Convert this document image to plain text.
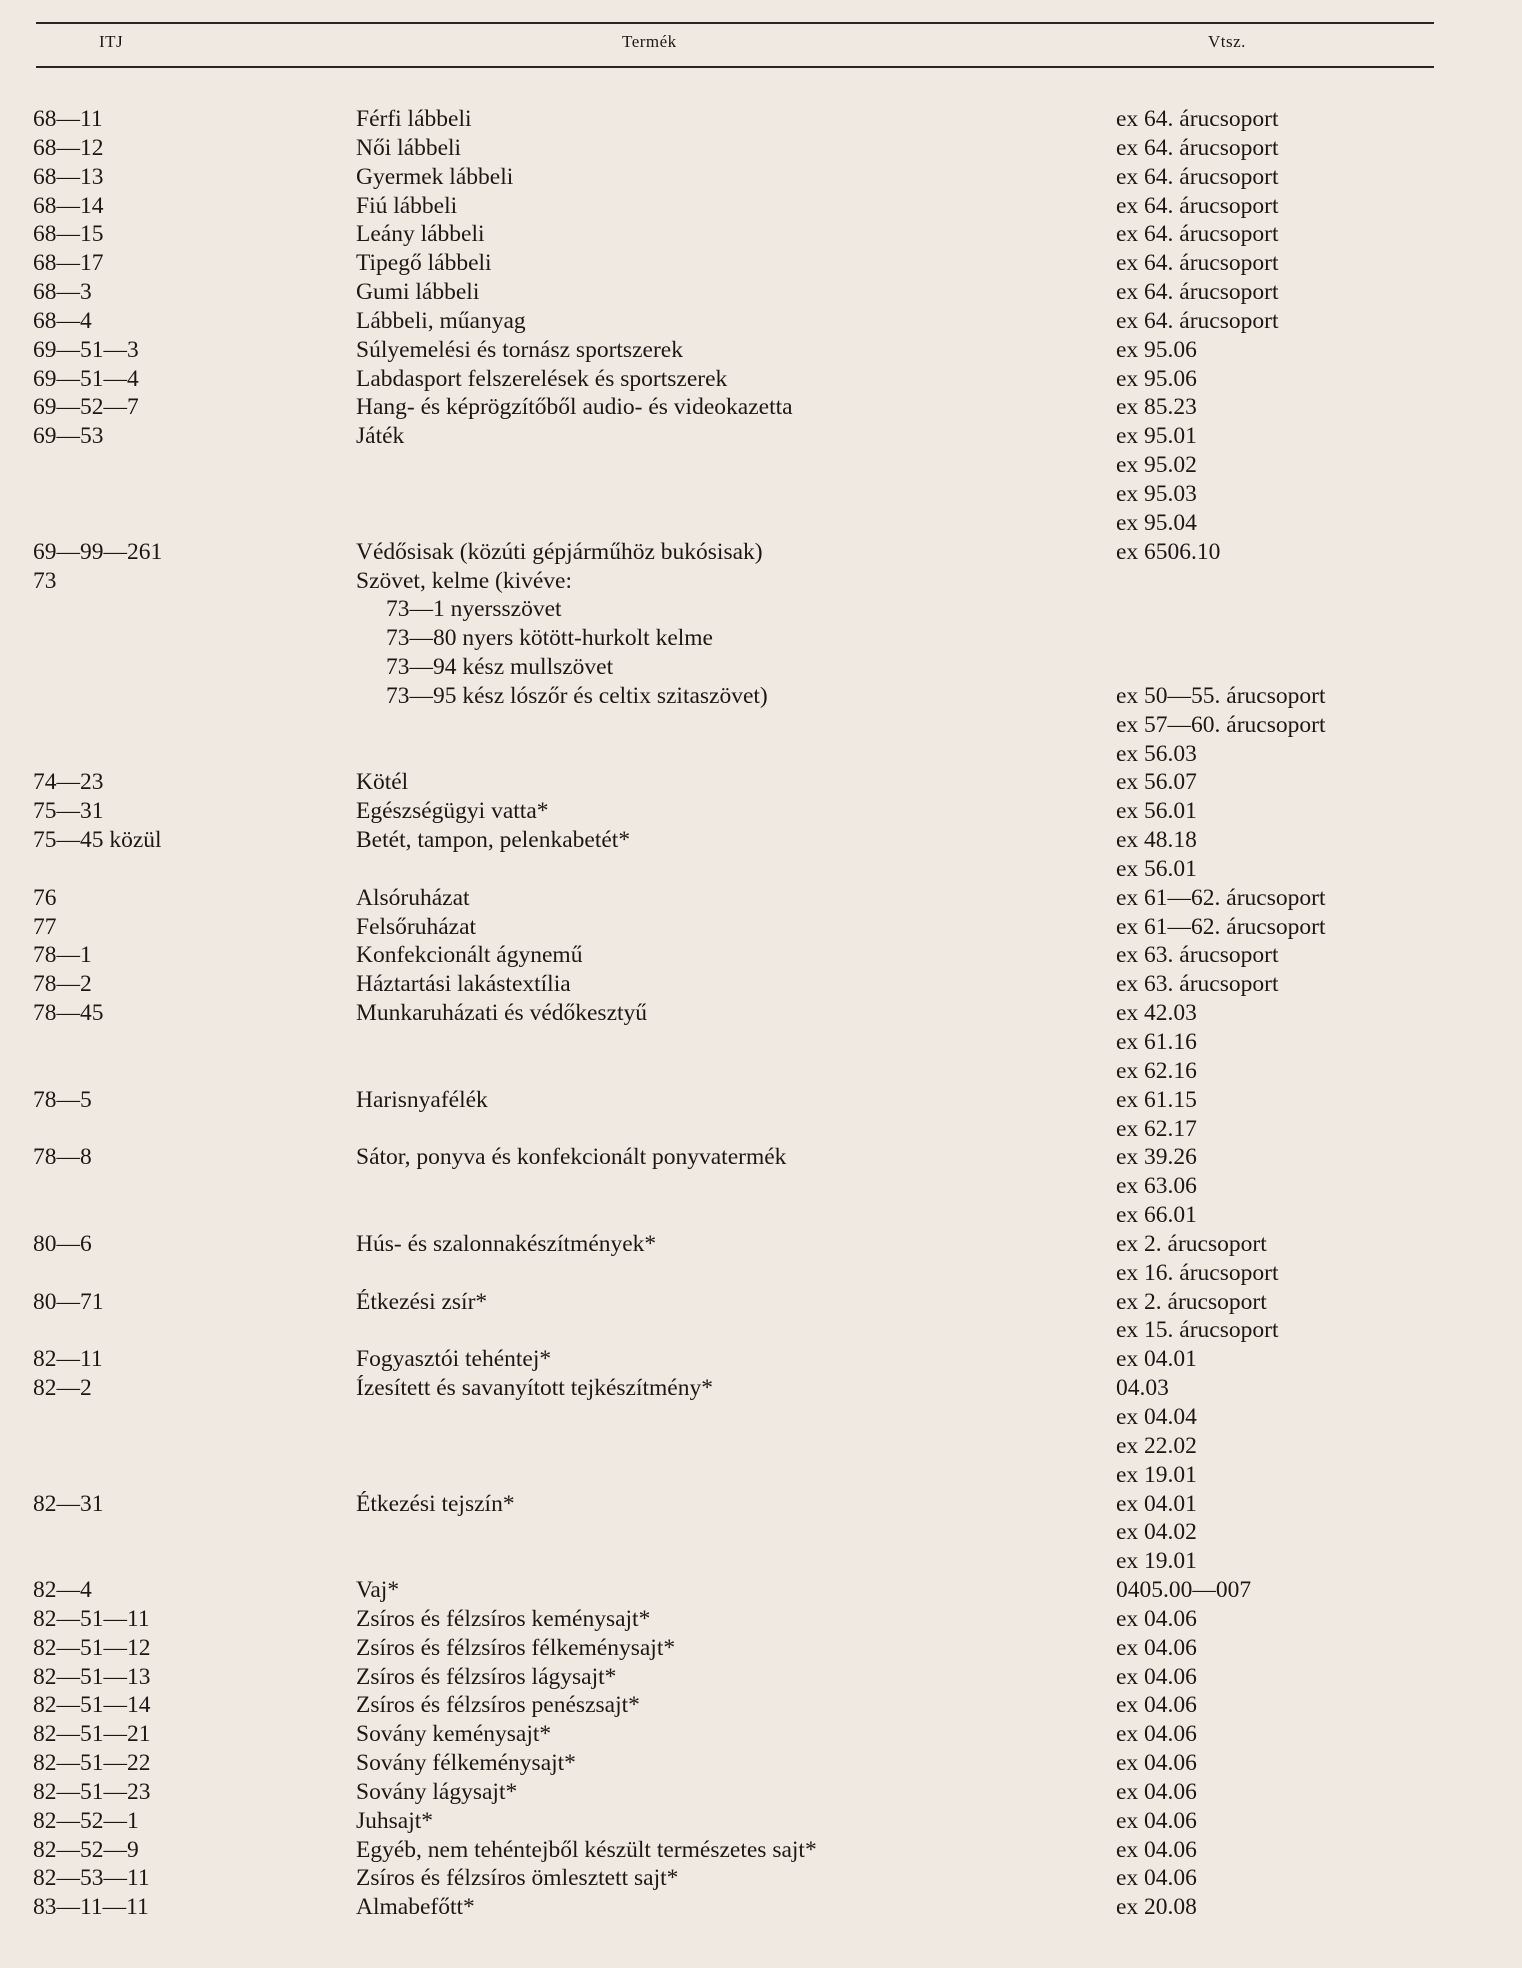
ITJ	Termék	Vtsz.
68—11	Férfi lábbeli	ex 64. árucsoport
68—12	Női lábbeli	ex 64. árucsoport
68—13	Gyermek lábbeli	ex 64. árucsoport
68—14	Fiú lábbeli	ex 64. árucsoport
68—15	Leány lábbeli	ex 64. árucsoport
68—17	Tipegő lábbeli	ex 64. árucsoport
68—3	Gumi lábbeli	ex 64. árucsoport
68—4	Lábbeli, műanyag	ex 64. árucsoport
69—51—3	Súlyemelési és tornász sportszerek	ex 95.06
69—51—4	Labdasport felszerelések és sportszerek	ex 95.06
69—52—7	Hang- és képrögzítőből audio- és videokazetta	ex 85.23
69—53	Játék	ex 95.01
ex 95.02
ex 95.03
ex 95.04
69—99—261	Védősisak (közúti gépjárműhöz bukósisak)	ex 6506.10
73	Szövet, kelme (kivéve:
73—1 nyersszövet
73—80 nyers kötött-hurkolt kelme
73—94 kész mullszövet
73—95 kész lószőr és celtix szitaszövet)	ex 50—55. árucsoport
ex 57—60. árucsoport
ex 56.03
74—23	Kötél	ex 56.07
75—31	Egészségügyi vatta*	ex 56.01
75—45 közül	Betét, tampon, pelenkabetét*	ex 48.18
ex 56.01
76	Alsóruházat	ex 61—62. árucsoport
77	Felsőruházat	ex 61—62. árucsoport
78—1	Konfekcionált ágynemű	ex 63. árucsoport
78—2	Háztartási lakástextília	ex 63. árucsoport
78—45	Munkaruházati és védőkesztyű	ex 42.03
ex 61.16
ex 62.16
78—5	Harisnyafélék	ex 61.15
ex 62.17
78—8	Sátor, ponyva és konfekcionált ponyvatermék	ex 39.26
ex 63.06
ex 66.01
80—6	Hús- és szalonnakészítmények*	ex 2. árucsoport
ex 16. árucsoport
80—71	Étkezési zsír*	ex 2. árucsoport
ex 15. árucsoport
82—11	Fogyasztói tehéntej*	ex 04.01
82—2	Ízesített és savanyított tejkészítmény*	04.03
ex 04.04
ex 22.02
ex 19.01
82—31	Étkezési tejszín*	ex 04.01
ex 04.02
ex 19.01
82—4	Vaj*	0405.00—007
82—51—11	Zsíros és félzsíros keménysajt*	ex 04.06
82—51—12	Zsíros és félzsíros félkeménysajt*	ex 04.06
82—51—13	Zsíros és félzsíros lágysajt*	ex 04.06
82—51—14	Zsíros és félzsíros penészsajt*	ex 04.06
82—51—21	Sovány keménysajt*	ex 04.06
82—51—22	Sovány félkeménysajt*	ex 04.06
82—51—23	Sovány lágysajt*	ex 04.06
82—52—1	Juhsajt*	ex 04.06
82—52—9	Egyéb, nem tehéntejből készült természetes sajt*	ex 04.06
82—53—11	Zsíros és félzsíros ömlesztett sajt*	ex 04.06
83—11—11	Almabefőtt*	ex 20.08
